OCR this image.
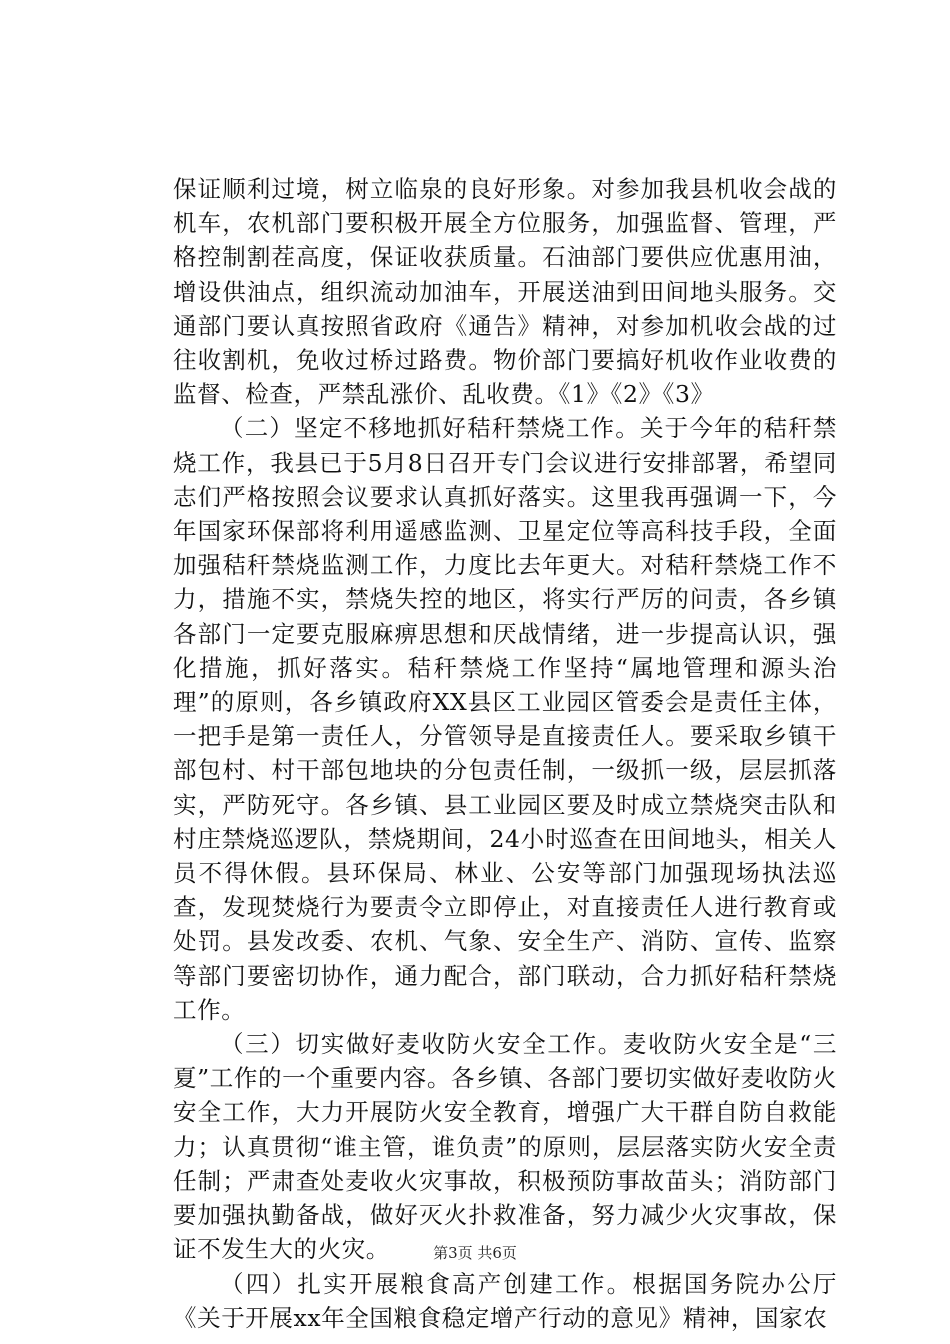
保证顺利过境，树立临泉的良好形象。对参加我县机收会战的机车，农机部门要积极开展全方位服务，加强监督、管理，严格控制割茬高度，保证收获质量。石油部门要供应优惠用油，增设供油点，组织流动加油车，开展送油到田间地头服务。交通部门要认真按照省政府《通告》精神，对参加机收会战的过往收割机，免收过桥过路费。物价部门要搞好机收作业收费的监督、检查，严禁乱涨价、乱收费。《1》《2》《3》

（二）坚定不移地抓好秸秆禁烧工作。关于今年的秸秆禁烧工作，我县已于5月8日召开专门会议进行安排部署，希望同志们严格按照会议要求认真抓好落实。这里我再强调一下，今年国家环保部将利用遥感监测、卫星定位等高科技手段，全面加强秸秆禁烧监测工作，力度比去年更大。对秸秆禁烧工作不力，措施不实，禁烧失控的地区，将实行严厉的问责，各乡镇各部门一定要克服麻痹思想和厌战情绪，进一步提高认识，强化措施，抓好落实。秸秆禁烧工作坚持“属地管理和源头治理”的原则，各乡镇政府XX县区工业园区管委会是责任主体，一把手是第一责任人，分管领导是直接责任人。要采取乡镇干部包村、村干部包地块的分包责任制，一级抓一级，层层抓落实，严防死守。各乡镇、县工业园区要及时成立禁烧突击队和村庄禁烧巡逻队，禁烧期间，24小时巡查在田间地头，相关人员不得休假。县环保局、林业、公安等部门加强现场执法巡查，发现焚烧行为要责令立即停止，对直接责任人进行教育或处罚。县发改委、农机、气象、安全生产、消防、宣传、监察等部门要密切协作，通力配合，部门联动，合力抓好秸秆禁烧工作。

（三）切实做好麦收防火安全工作。麦收防火安全是“三夏”工作的一个重要内容。各乡镇、各部门要切实做好麦收防火安全工作，大力开展防火安全教育，增强广大干群自防自救能力；认真贯彻“谁主管，谁负责”的原则，层层落实防火安全责任制；严肃查处麦收火灾事故，积极预防事故苗头；消防部门要加强执勤备战，做好灭火扑救准备，努力减少火灾事故，保证不发生大的火灾。

（四）扎实开展粮食高产创建工作。根据国务院办公厅《关于开展xx年全国粮食稳定增产行动的意见》精神，国家农

第3页 共6页
